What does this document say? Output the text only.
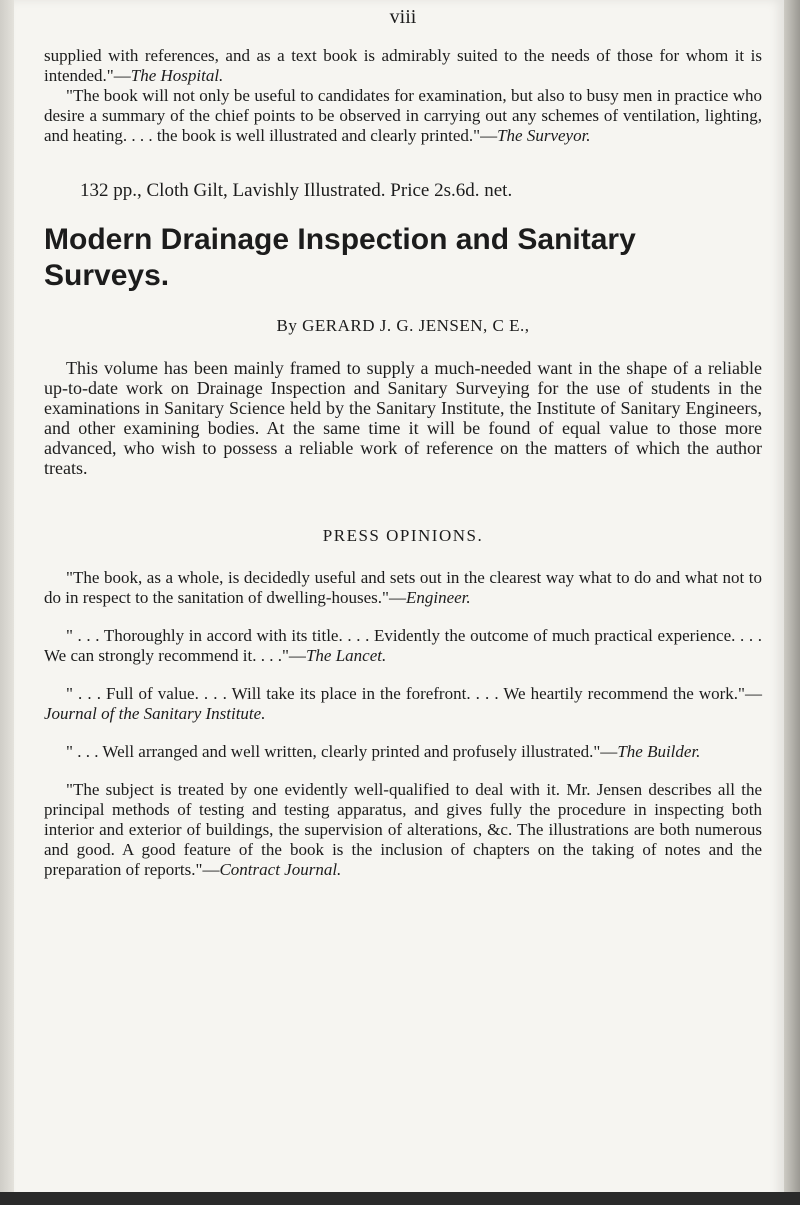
viii

supplied with references, and as a text book is admirably suited to the needs of those for whom it is intended."—The Hospital.

"The book will not only be useful to candidates for examination, but also to busy men in practice who desire a summary of the chief points to be observed in carrying out any schemes of ventilation, lighting, and heating. . . . the book is well illustrated and clearly printed."—The Surveyor.

132 pp., Cloth Gilt, Lavishly Illustrated. Price 2s.6d. net.
Modern Drainage Inspection and Sanitary Surveys.
By GERARD J. G. JENSEN, C E.,

This volume has been mainly framed to supply a much-needed want in the shape of a reliable up-to-date work on Drainage Inspection and Sanitary Surveying for the use of students in the examinations in Sanitary Science held by the Sanitary Institute, the Institute of Sanitary Engineers, and other examining bodies. At the same time it will be found of equal value to those more advanced, who wish to possess a reliable work of reference on the matters of which the author treats.

PRESS OPINIONS.

"The book, as a whole, is decidedly useful and sets out in the clearest way what to do and what not to do in respect to the sanitation of dwelling-houses."—Engineer.

" . . . Thoroughly in accord with its title. . . . Evidently the outcome of much practical experience. . . . We can strongly recommend it. . . ."—The Lancet.

" . . . Full of value. . . . Will take its place in the forefront. . . . We heartily recommend the work."—Journal of the Sanitary Institute.

" . . . Well arranged and well written, clearly printed and profusely illustrated."—The Builder.

"The subject is treated by one evidently well-qualified to deal with it. Mr. Jensen describes all the principal methods of testing and testing apparatus, and gives fully the procedure in inspecting both interior and exterior of buildings, the supervision of alterations, &c. The illustrations are both numerous and good. A good feature of the book is the inclusion of chapters on the taking of notes and the preparation of reports."—Contract Journal.
